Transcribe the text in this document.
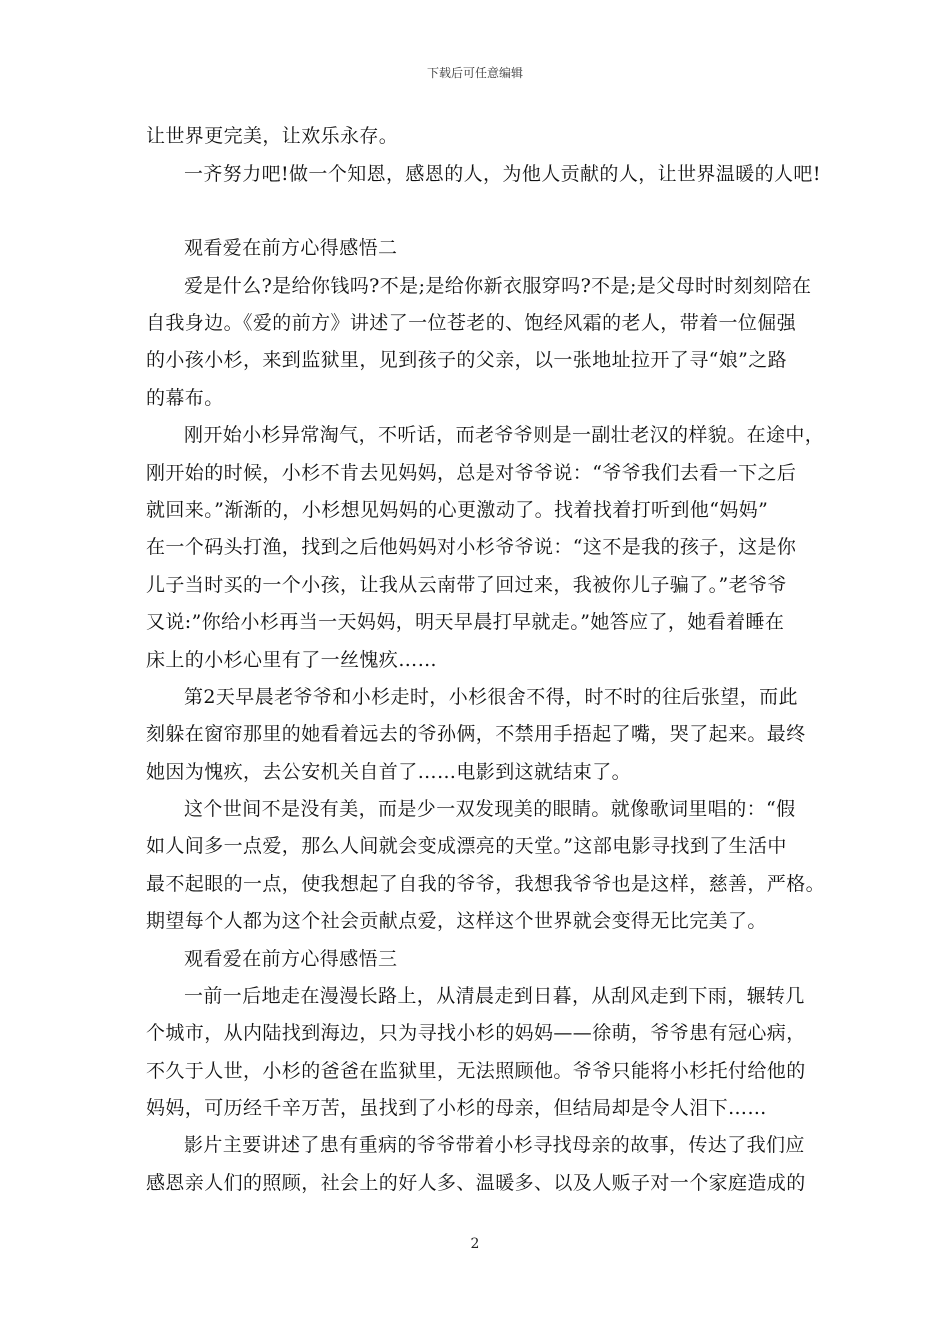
下载后可任意编辑
让世界更完美，让欢乐永存。
一齐努力吧!做一个知恩，感恩的人，为他人贡献的人，让世界温暖的人吧!
观看爱在前方心得感悟二
爱是什么?是给你钱吗?不是;是给你新衣服穿吗?不是;是父母时时刻刻陪在
自我身边。《爱的前方》讲述了一位苍老的、饱经风霜的老人，带着一位倔强
的小孩小杉，来到监狱里，见到孩子的父亲，以一张地址拉开了寻“娘”之路
的幕布。
刚开始小杉异常淘气，不听话，而老爷爷则是一副壮老汉的样貌。在途中，
刚开始的时候，小杉不肯去见妈妈，总是对爷爷说：“爷爷我们去看一下之后
就回来。”渐渐的，小杉想见妈妈的心更激动了。找着找着打听到他“妈妈”
在一个码头打渔，找到之后他妈妈对小杉爷爷说：“这不是我的孩子，这是你
儿子当时买的一个小孩，让我从云南带了回过来，我被你儿子骗了。”老爷爷
又说:”你给小杉再当一天妈妈，明天早晨打早就走。”她答应了，她看着睡在
床上的小杉心里有了一丝愧疚……
第2天早晨老爷爷和小杉走时，小杉很舍不得，时不时的往后张望，而此
刻躲在窗帘那里的她看着远去的爷孙俩，不禁用手捂起了嘴，哭了起来。最终
她因为愧疚，去公安机关自首了……电影到这就结束了。
这个世间不是没有美，而是少一双发现美的眼睛。就像歌词里唱的：“假
如人间多一点爱，那么人间就会变成漂亮的天堂。”这部电影寻找到了生活中
最不起眼的一点，使我想起了自我的爷爷，我想我爷爷也是这样，慈善，严格。
期望每个人都为这个社会贡献点爱，这样这个世界就会变得无比完美了。
观看爱在前方心得感悟三
一前一后地走在漫漫长路上，从清晨走到日暮，从刮风走到下雨，辗转几
个城市，从内陆找到海边，只为寻找小杉的妈妈——徐萌，爷爷患有冠心病，
不久于人世，小杉的爸爸在监狱里，无法照顾他。爷爷只能将小杉托付给他的
妈妈，可历经千辛万苦，虽找到了小杉的母亲，但结局却是令人泪下……
影片主要讲述了患有重病的爷爷带着小杉寻找母亲的故事，传达了我们应
感恩亲人们的照顾，社会上的好人多、温暖多、以及人贩子对一个家庭造成的
2
